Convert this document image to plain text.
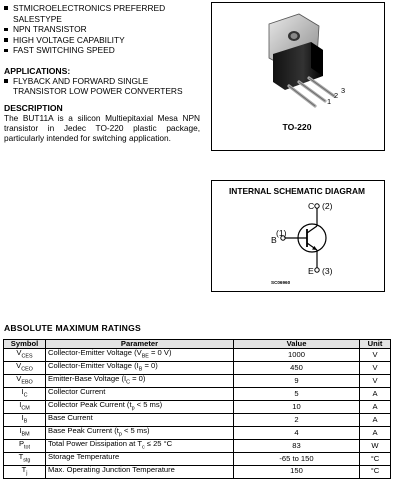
STMICROELECTRONICS PREFERRED SALESTYPE
NPN TRANSISTOR
HIGH VOLTAGE CAPABILITY
FAST SWITCHING SPEED
APPLICATIONS:
FLYBACK AND FORWARD SINGLE TRANSISTOR LOW POWER CONVERTERS
DESCRIPTION
The BUT11A is a silicon Multiepitaxial Mesa NPN transistor in Jedec TO-220 plastic package, particularly intended for switching application.
1
2
3
TO-220
INTERNAL SCHEMATIC DIAGRAM
C (2)
(1)
B
E (3)
SC06960
ABSOLUTE MAXIMUM RATINGS
Symbol	Parameter	Value	Unit
$V_{CES}$	Collector-Emitter Voltage ($V_{BE} = 0$ V)	1000	V
$V_{CEO}$	Collector-Emitter Voltage $(I_B = 0)$	450	V
$V_{EBO}$	Emitter-Base Voltage $(I_C = 0)$	9	V
$I_C$	Collector Current	5	A
$I_{CM}$	Collector Peak Current ($t_p < 5$ ms)	10	A
$I_B$	Base Current	2	A
$I_{BM}$	Base Peak Current ($t_p < 5$ ms)	4	A
$P_{tot}$	Total Power Dissipation at $T_c \le 25$ °C	83	W
$T_{stg}$	Storage Temperature	-65 to 150	°C
$T_j$	Max. Operating Junction Temperature	150	°C
